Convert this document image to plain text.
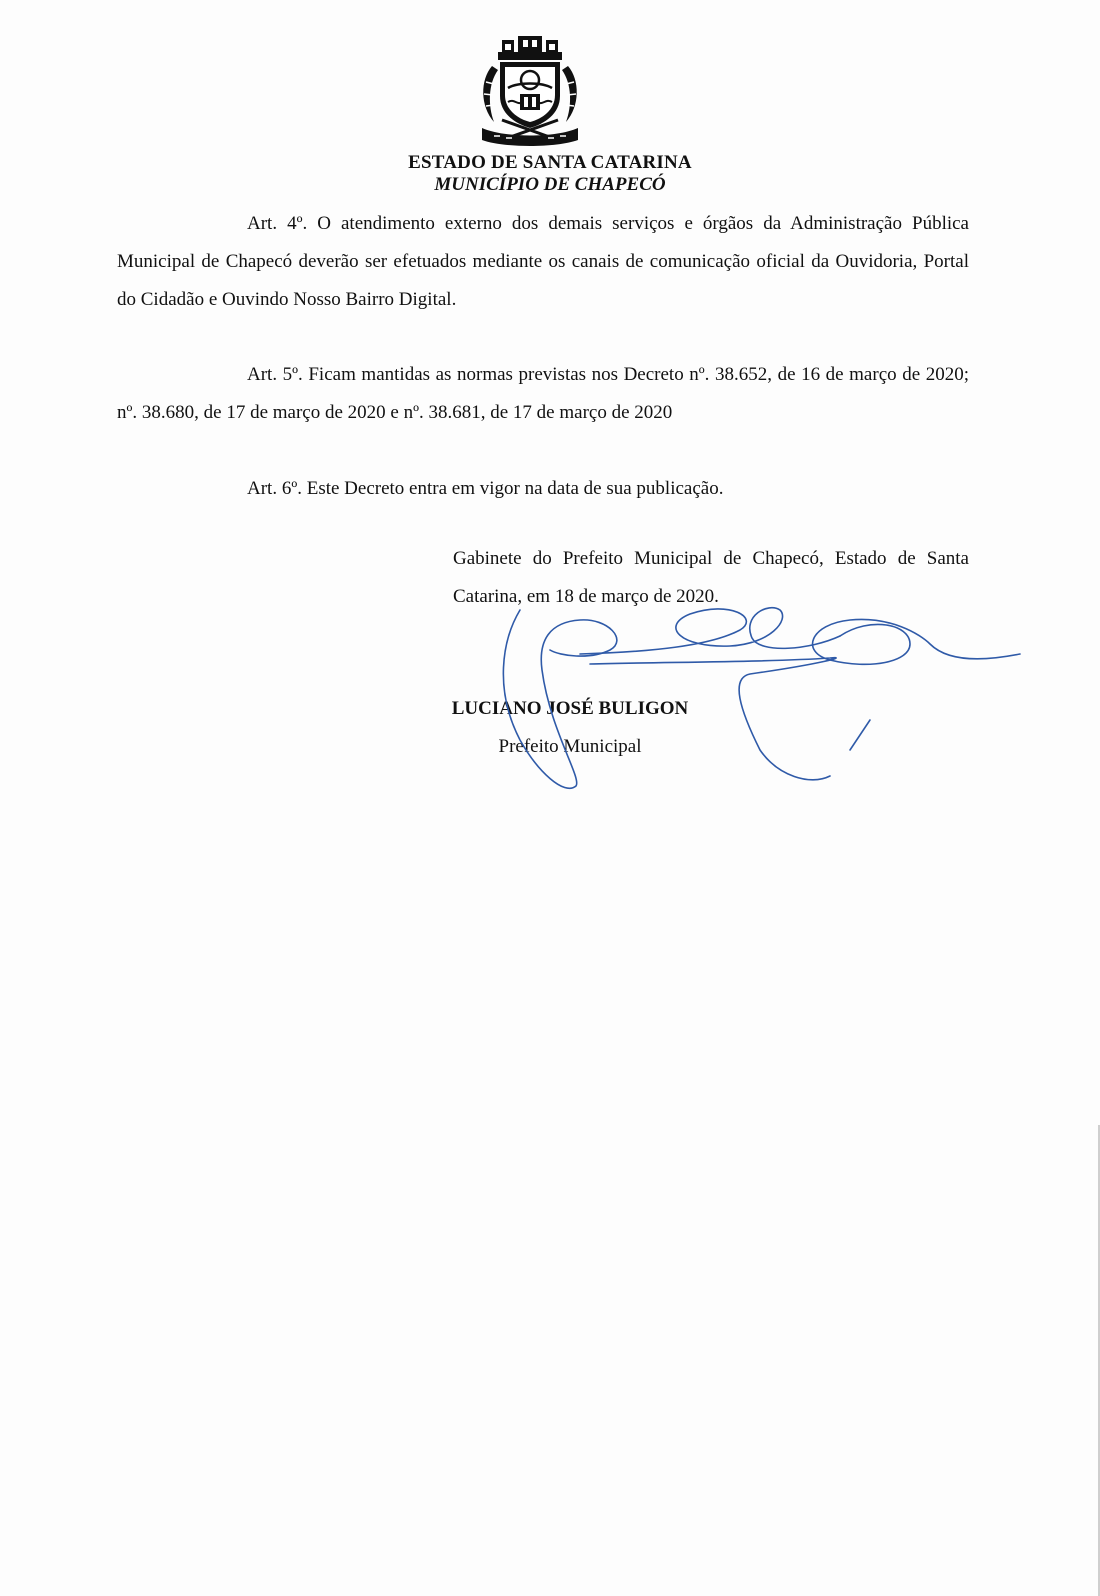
ESTADO DE SANTA CATARINA
MUNICÍPIO DE CHAPECÓ

Art. 4º. O atendimento externo dos demais serviços e órgãos da Administração Pública Municipal de Chapecó deverão ser efetuados mediante os canais de comunicação oficial da Ouvidoria, Portal do Cidadão e Ouvindo Nosso Bairro Digital.

Art. 5º. Ficam mantidas as normas previstas nos Decreto nº. 38.652, de 16 de março de 2020; nº. 38.680, de 17 de março de 2020 e nº. 38.681, de 17 de março de 2020

Art. 6º. Este Decreto entra em vigor na data de sua publicação.

Gabinete do Prefeito Municipal de Chapecó, Estado de Santa Catarina, em 18 de março de 2020.

LUCIANO JOSÉ BULIGON
Prefeito Municipal
